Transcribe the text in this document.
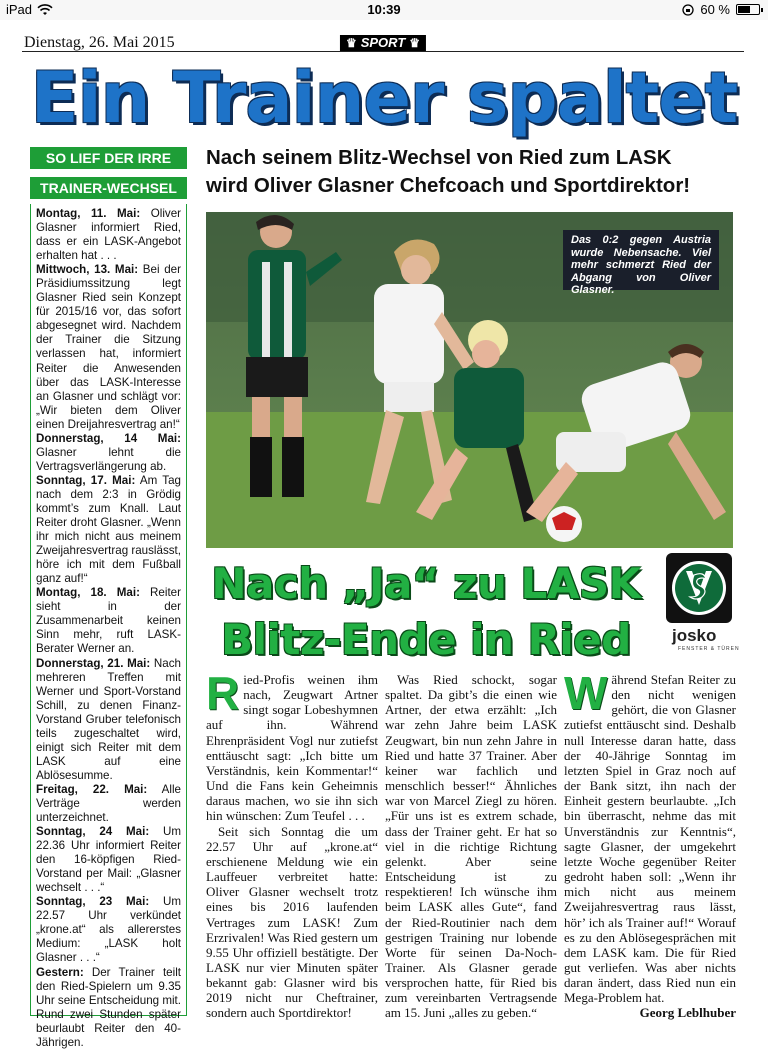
iPad	10:39	60 %
Dienstag, 26. Mai 2015	♛ SPORT ♛
Ein Trainer spaltet
SO LIEF DER IRRE
TRAINER-WECHSEL

Montag, 11. Mai: Oliver Glasner informiert Ried, dass er ein LASK-Angebot erhalten hat . . .

Mittwoch, 13. Mai: Bei der Präsidiumssitzung legt Glasner Ried sein Konzept für 2015/16 vor, das sofort abgesegnet wird. Nachdem der Trainer die Sitzung verlassen hat, informiert Reiter die Anwesenden über das LASK-Interesse an Glasner und schlägt vor: „Wir bieten dem Oliver einen Dreijahresvertrag an!“

Donnerstag, 14 Mai: Glasner lehnt die Vertragsverlängerung ab.

Sonntag, 17. Mai: Am Tag nach dem 2:3 in Grödig kommt’s zum Knall. Laut Reiter droht Glasner. „Wenn ihr mich nicht aus meinem Zweijahresvertrag rauslässt, höre ich mit dem Fußball ganz auf!“

Montag, 18. Mai: Reiter sieht in der Zusammenarbeit keinen Sinn mehr, ruft LASK-Berater Werner an.

Donnerstag, 21. Mai: Nach mehreren Treffen mit Werner und Sport-Vorstand Schill, zu denen Finanz-Vorstand Gruber telefonisch teils zugeschaltet wird, einigt sich Reiter mit dem LASK auf eine Ablösesumme.

Freitag, 22. Mai: Alle Verträge werden unterzeichnet.

Sonntag, 24 Mai: Um 22.36 Uhr informiert Reiter den 16-köpfigen Ried-Vorstand per Mail: „Glasner wechselt . . .“

Sonntag, 23 Mai: Um 22.57 Uhr verkündet „krone.at“ als allererstes Medium: „LASK holt Glasner . . .“

Gestern: Der Trainer teilt den Ried-Spielern um 9.35 Uhr seine Entscheidung mit. Rund zwei Stunden später beurlaubt Reiter den 40-Jährigen.

Nach seinem Blitz-Wechsel von Ried zum LASK
wird Oliver Glasner Chefcoach und Sportdirektor!
Das 0:2 gegen Austria wurde Nebensache. Viel mehr schmerzt Ried der Abgang von Oliver Glasner.
Nach „Ja“ zu LASK
Blitz-Ende in Ried	josko
FENSTER & TÜREN

Ried-Profis weinen ihm nach, Zeugwart Artner singt sogar Lobeshymnen auf ihn. Während Ehrenpräsident Vogl nur zutiefst enttäuscht sagt: „Ich bitte um Verständnis, kein Kommentar!“ Und die Fans kein Geheimnis daraus machen, wo sie ihn sich hin wünschen: Zum Teufel . . .

Seit sich Sonntag die um 22.57 Uhr auf „krone.at“ erschienene Meldung wie ein Lauffeuer verbreitet hatte: Oliver Glasner wechselt trotz eines bis 2016 laufenden Vertrages zum LASK! Zum Erzrivalen! Was Ried gestern um 9.55 Uhr offiziell bestätigte. Der LASK nur vier Minuten später bekannt gab: Glasner wird bis 2019 nicht nur Cheftrainer, sondern auch Sportdirektor!

Was Ried schockt, sogar spaltet. Da gibt’s die einen wie Artner, der etwa erzählt: „Ich war zehn Jahre beim LASK Zeugwart, bin nun zehn Jahre in Ried und hatte 37 Trainer. Aber keiner war fachlich und menschlich besser!“ Ähnliches war von Marcel Ziegl zu hören. „Für uns ist es extrem schade, dass der Trainer geht. Er hat so viel in die richtige Richtung gelenkt. Aber seine Entscheidung ist zu respektieren! Ich wünsche ihm beim LASK alles Gute“, fand der Ried-Routinier nach dem gestrigen Training nur lobende Worte für seinen Da-Noch-Trainer. Als Glasner gerade versprochen hatte, für Ried bis zum vereinbarten Vertragsende am 15. Juni „alles zu geben.“

Während Stefan Reiter zu den nicht wenigen gehört, die von Glasner zutiefst enttäuscht sind. Deshalb null Interesse daran hatte, dass der 40-Jährige Sonntag im letzten Spiel in Graz noch auf der Bank sitzt, ihn nach der Einheit gestern beurlaubte. „Ich bin überrascht, nehme das mit Unverständnis zur Kenntnis“, sagte Glasner, der umgekehrt letzte Woche gegenüber Reiter gedroht haben soll: „Wenn ihr mich nicht aus meinem Zweijahresvertrag raus lässt, hör’ ich als Trainer auf!“ Worauf es zu den Ablösegesprächen mit dem LASK kam. Die für Ried gut verliefen. Was aber nichts daran ändert, dass Ried nun ein Mega-Problem hat.
Georg Leblhuber
